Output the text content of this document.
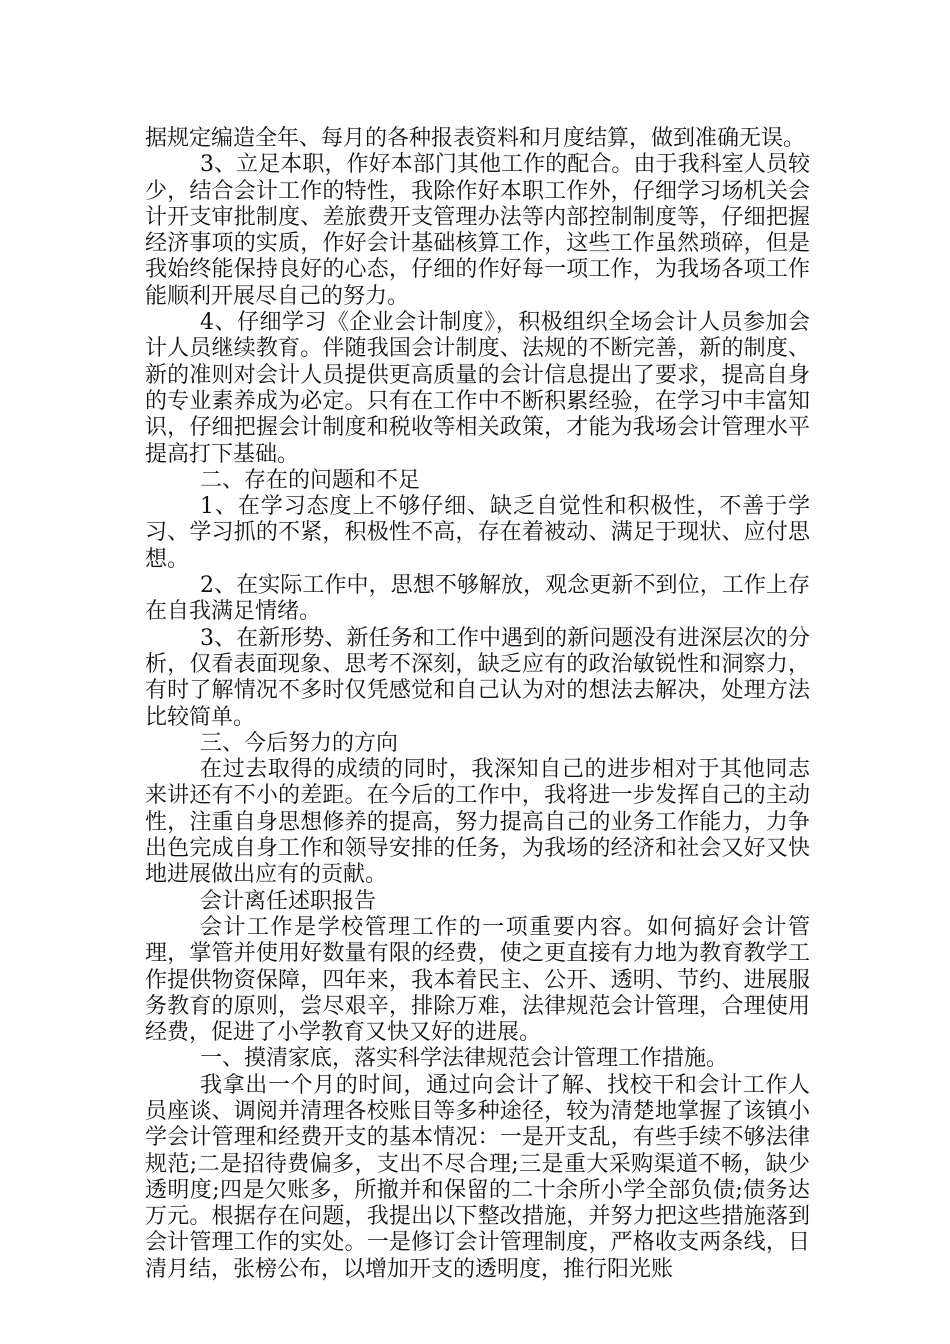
据规定编造全年、每月的各种报表资料和月度结算，做到准确无误。

3、立足本职，作好本部门其他工作的配合。由于我科室人员较少，结合会计工作的特性，我除作好本职工作外，仔细学习场机关会计开支审批制度、差旅费开支管理办法等内部控制制度等，仔细把握经济事项的实质，作好会计基础核算工作，这些工作虽然琐碎，但是我始终能保持良好的心态，仔细的作好每一项工作，为我场各项工作能顺利开展尽自己的努力。

4、仔细学习《企业会计制度》，积极组织全场会计人员参加会计人员继续教育。伴随我国会计制度、法规的不断完善，新的制度、新的准则对会计人员提供更高质量的会计信息提出了要求，提高自身的专业素养成为必定。只有在工作中不断积累经验，在学习中丰富知识，仔细把握会计制度和税收等相关政策，才能为我场会计管理水平提高打下基础。

二、存在的问题和不足

1、在学习态度上不够仔细、缺乏自觉性和积极性，不善于学习、学习抓的不紧，积极性不高，存在着被动、满足于现状、应付思想。

2、在实际工作中，思想不够解放，观念更新不到位，工作上存在自我满足情绪。

3、在新形势、新任务和工作中遇到的新问题没有进深层次的分析，仅看表面现象、思考不深刻，缺乏应有的政治敏锐性和洞察力，有时了解情况不多时仅凭感觉和自己认为对的想法去解决，处理方法比较简单。

三、今后努力的方向

在过去取得的成绩的同时，我深知自己的进步相对于其他同志来讲还有不小的差距。在今后的工作中，我将进一步发挥自己的主动性，注重自身思想修养的提高，努力提高自己的业务工作能力，力争出色完成自身工作和领导安排的任务，为我场的经济和社会又好又快地进展做出应有的贡献。

会计离任述职报告

会计工作是学校管理工作的一项重要内容。如何搞好会计管理，掌管并使用好数量有限的经费，使之更直接有力地为教育教学工作提供物资保障，四年来，我本着民主、公开、透明、节约、进展服务教育的原则，尝尽艰辛，排除万难，法律规范会计管理，合理使用经费，促进了小学教育又快又好的进展。

一、摸清家底，落实科学法律规范会计管理工作措施。

我拿出一个月的时间，通过向会计了解、找校干和会计工作人员座谈、调阅并清理各校账目等多种途径，较为清楚地掌握了该镇小学会计管理和经费开支的基本情况：一是开支乱，有些手续不够法律规范;二是招待费偏多，支出不尽合理;三是重大采购渠道不畅，缺少透明度;四是欠账多，所撤并和保留的二十余所小学全部负债;债务达万元。根据存在问题，我提出以下整改措施，并努力把这些措施落到会计管理工作的实处。一是修订会计管理制度，严格收支两条线，日清月结，张榜公布，以增加开支的透明度，推行阳光账
